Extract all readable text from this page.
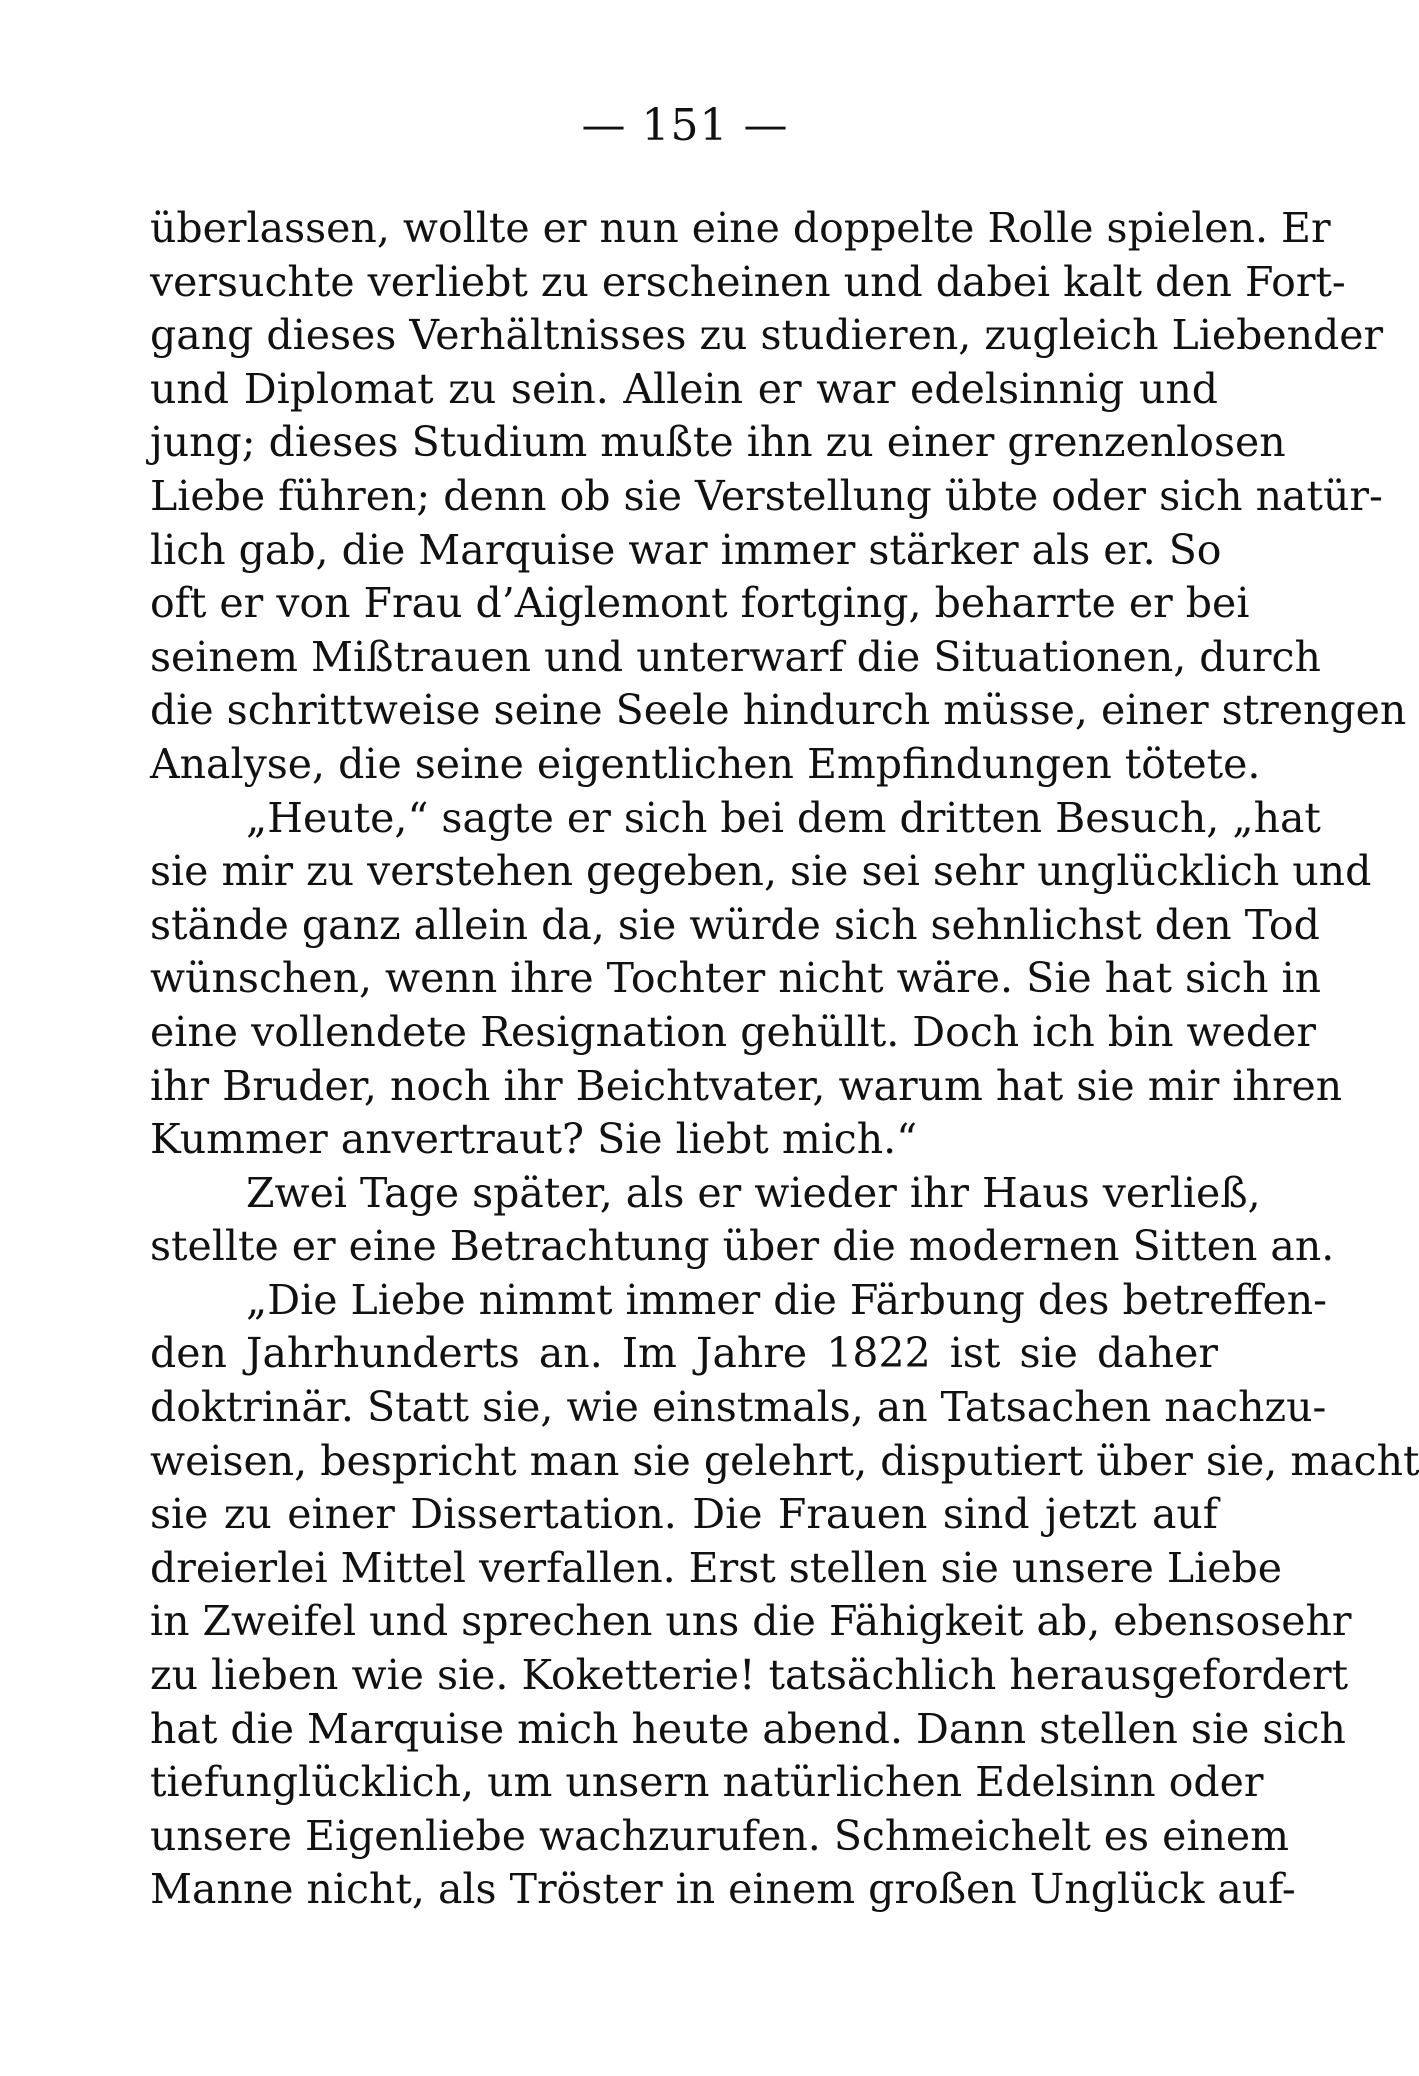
— 151 —
überlassen, wollte er nun eine doppelte Rolle spielen. Er
versuchte verliebt zu erscheinen und dabei kalt den Fort-
gang dieses Verhältnisses zu studieren, zugleich Liebender
und Diplomat zu sein. Allein er war edelsinnig und
jung; dieses Studium mußte ihn zu einer grenzenlosen
Liebe führen; denn ob sie Verstellung übte oder sich natür-
lich gab, die Marquise war immer stärker als er. So
oft er von Frau d’Aiglemont fortging, beharrte er bei
seinem Mißtrauen und unterwarf die Situationen, durch
die schrittweise seine Seele hindurch müsse, einer strengen
Analyse, die seine eigentlichen Empfindungen tötete.
„Heute,“ sagte er sich bei dem dritten Besuch, „hat
sie mir zu verstehen gegeben, sie sei sehr unglücklich und
stände ganz allein da, sie würde sich sehnlichst den Tod
wünschen, wenn ihre Tochter nicht wäre. Sie hat sich in
eine vollendete Resignation gehüllt. Doch ich bin weder
ihr Bruder, noch ihr Beichtvater, warum hat sie mir ihren
Kummer anvertraut? Sie liebt mich.“
Zwei Tage später, als er wieder ihr Haus verließ,
stellte er eine Betrachtung über die modernen Sitten an.
„Die Liebe nimmt immer die Färbung des betreffen-
den Jahrhunderts an. Im Jahre 1822 ist sie daher
doktrinär. Statt sie, wie einstmals, an Tatsachen nachzu-
weisen, bespricht man sie gelehrt, disputiert über sie, macht
sie zu einer Dissertation. Die Frauen sind jetzt auf
dreierlei Mittel verfallen. Erst stellen sie unsere Liebe
in Zweifel und sprechen uns die Fähigkeit ab, ebensosehr
zu lieben wie sie. Koketterie! tatsächlich herausgefordert
hat die Marquise mich heute abend. Dann stellen sie sich
tiefunglücklich, um unsern natürlichen Edelsinn oder
unsere Eigenliebe wachzurufen. Schmeichelt es einem
Manne nicht, als Tröster in einem großen Unglück auf-
